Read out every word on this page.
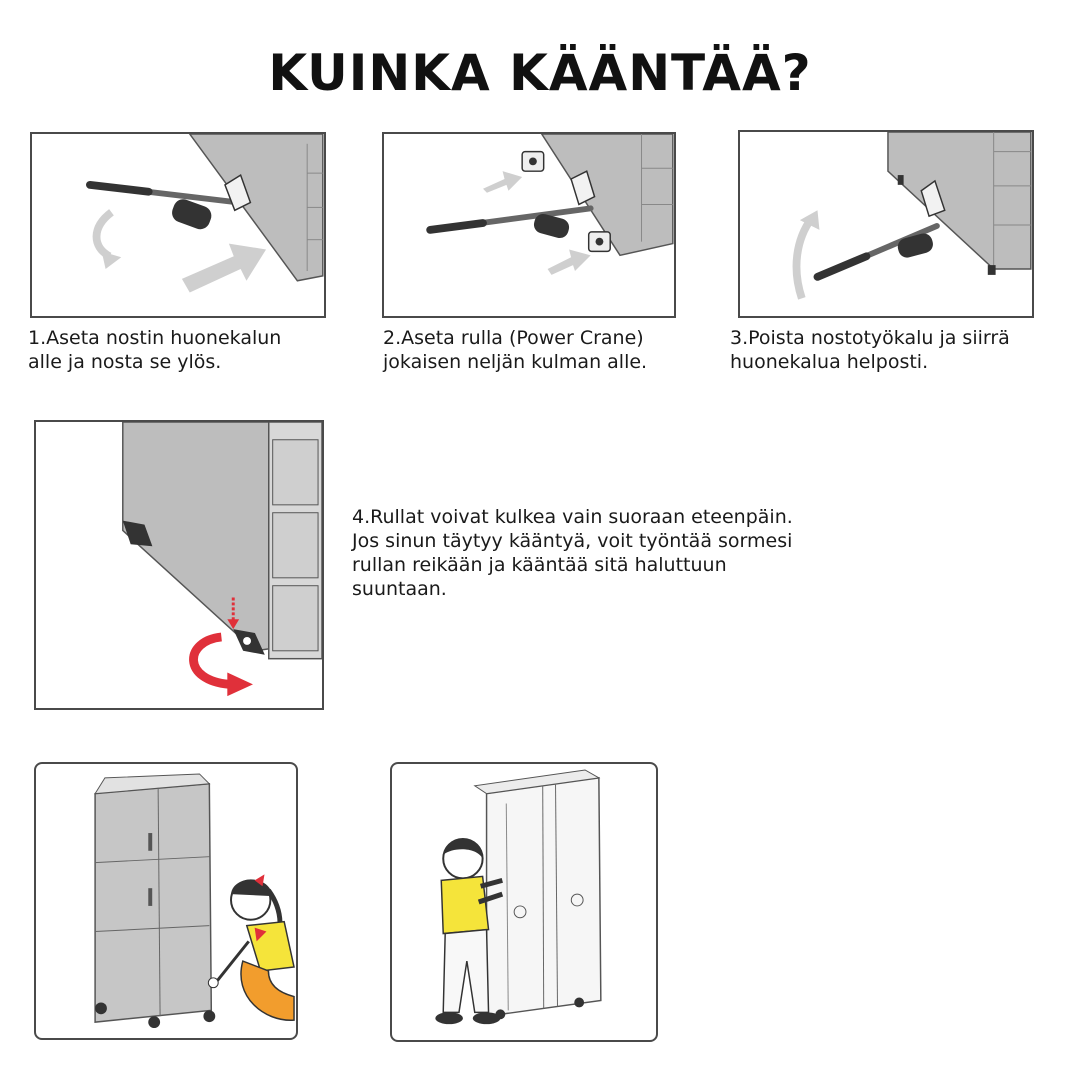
KUINKA KÄÄNTÄÄ?
1.Aseta nostin huonekalun
alle ja nosta se ylös.
2.Aseta rulla (Power Crane)
jokaisen neljän kulman alle.
3.Poista nostotyökalu ja siirrä
huonekalua helposti.
4.Rullat voivat kulkea vain suoraan eteenpäin.
Jos sinun täytyy kääntyä, voit työntää sormesi
rullan reikään ja kääntää sitä haluttuun
suuntaan.
